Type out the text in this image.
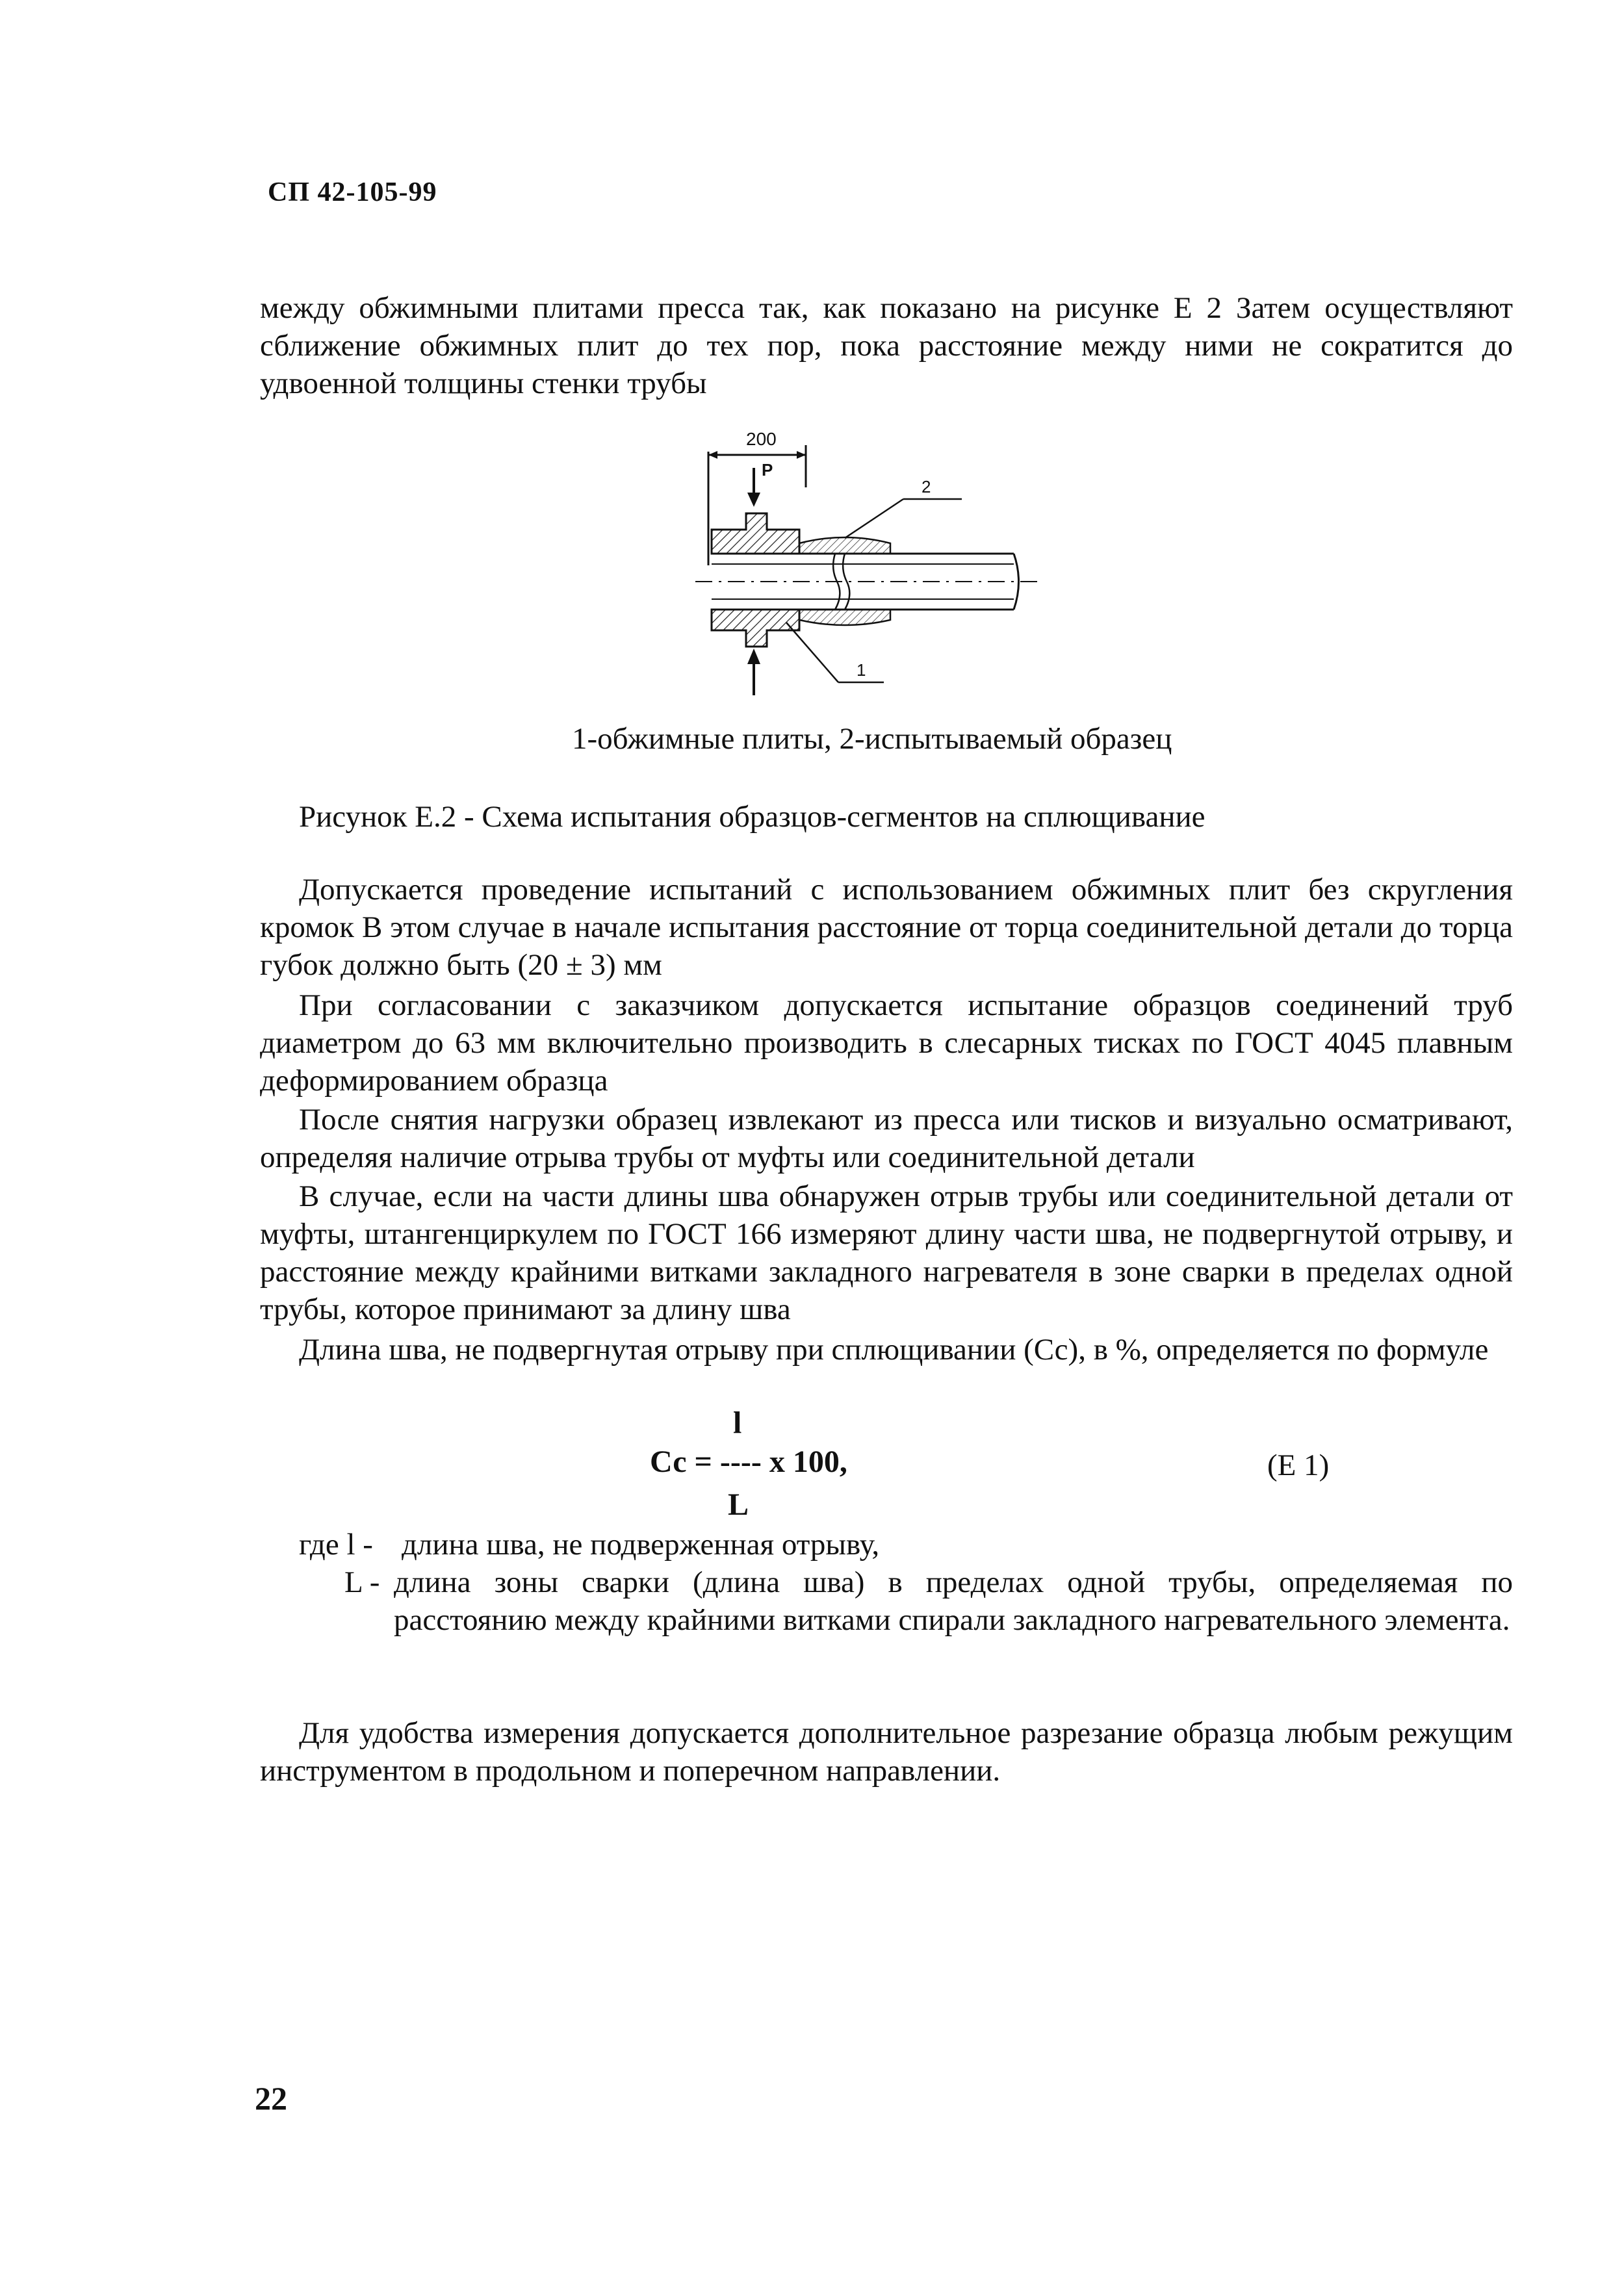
СП 42-105-99

между обжимными плитами пресса так, как показано на рисунке Е 2 Затем осуществляют сближение обжимных плит до тех пор, пока расстояние между ними не сократится до удвоенной толщины стенки трубы

200
P
2
1
1-обжимные плиты, 2-испытываемый образец
Рисунок Е.2 - Схема испытания образцов-сегментов на сплющивание

Допускается проведение испытаний с использованием обжимных плит без скругления кромок В этом случае в начале испытания расстояние от торца соединительной детали до торца губок должно быть (20 ± 3) мм

При согласовании с заказчиком допускается испытание образцов соединений труб диаметром до 63 мм включительно производить в слесарных тисках по ГОСТ 4045 плавным деформированием образца

После снятия нагрузки образец извлекают из пресса или тисков и визуально осматривают, определяя наличие отрыва трубы от муфты или соединительной детали

В случае, если на части длины шва обнаружен отрыв трубы или соединительной детали от муфты, штангенциркулем по ГОСТ 166 измеряют длину части шва, не подвергнутой отрыву, и расстояние между крайними витками закладного нагревателя в зоне сварки в пределах одной трубы, которое принимают за длину шва

Длина шва, не подвергнутая отрыву при сплющивании (Сс), в %, определяется по формуле

l
Сс = ---- х 100,
L
(Е 1)
где l - длина шва, не подверженная отрыву,
L - длина зоны сварки (длина шва) в пределах одной трубы, определяемая по расстоянию между крайними витками спирали закладного нагревательного элемента.

Для удобства измерения допускается дополнительное разрезание образца любым режущим инструментом в продольном и поперечном направлении.

22
